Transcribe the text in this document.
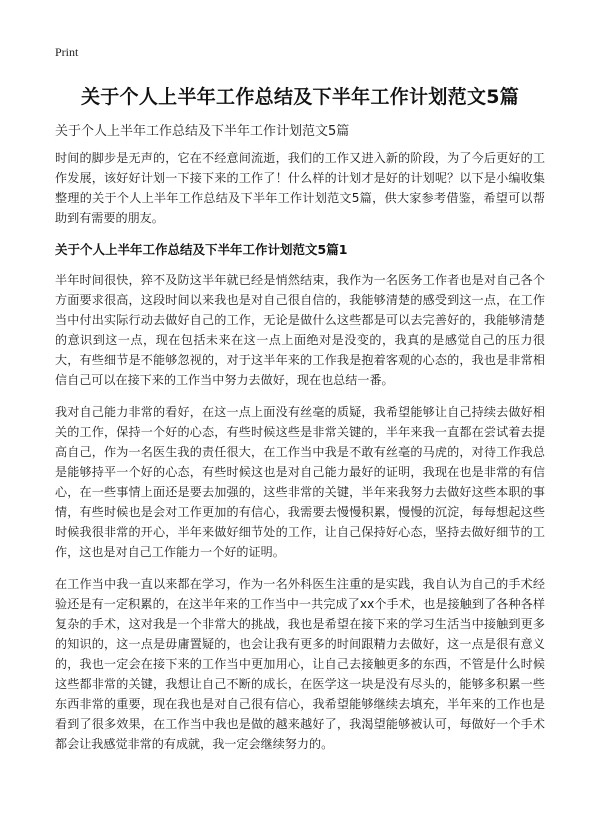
Print
关于个人上半年工作总结及下半年工作计划范文5篇

关于个人上半年工作总结及下半年工作计划范文5篇

时间的脚步是无声的，它在不经意间流逝，我们的工作又进入新的阶段，为了今后更好的工作发展，该好好计划一下接下来的工作了！什么样的计划才是好的计划呢？以下是小编收集整理的关于个人上半年工作总结及下半年工作计划范文5篇，供大家参考借鉴，希望可以帮助到有需要的朋友。

关于个人上半年工作总结及下半年工作计划范文5篇1

半年时间很快，猝不及防这半年就已经是悄然结束，我作为一名医务工作者也是对自己各个方面要求很高，这段时间以来我也是对自己很自信的，我能够清楚的感受到这一点，在工作当中付出实际行动去做好自己的工作，无论是做什么这些都是可以去完善好的，我能够清楚的意识到这一点，现在包括未来在这一点上面绝对是没变的，我真的是感觉自己的压力很大，有些细节是不能够忽视的，对于这半年来的工作我是抱着客观的心态的，我也是非常相信自己可以在接下来的工作当中努力去做好，现在也总结一番。

我对自己能力非常的看好，在这一点上面没有丝毫的质疑，我希望能够让自己持续去做好相关的工作，保持一个好的心态，有些时候这些是非常关键的，半年来我一直都在尝试着去提高自己，作为一名医生我的责任很大，在工作当中我是不敢有丝毫的马虎的，对待工作我总是能够持平一个好的心态，有些时候这也是对自己能力最好的证明，我现在也是非常的有信心，在一些事情上面还是要去加强的，这些非常的关键，半年来我努力去做好这些本职的事情，有些时候也是会对工作更加的有信心，我需要去慢慢积累，慢慢的沉淀，每每想起这些时候我很非常的开心，半年来做好细节处的工作，让自己保持好心态，坚持去做好细节的工作，这也是对自己工作能力一个好的证明。

在工作当中我一直以来都在学习，作为一名外科医生注重的是实践，我自认为自己的手术经验还是有一定积累的，在这半年来的工作当中一共完成了xx个手术，也是接触到了各种各样复杂的手术，这对我是一个非常大的挑战，我也是希望在接下来的学习生活当中接触到更多的知识的，这一点是毋庸置疑的，也会让我有更多的时间跟精力去做好，这一点是很有意义的，我也一定会在接下来的工作当中更加用心，让自己去接触更多的东西，不管是什么时候这些都非常的关键，我想让自己不断的成长，在医学这一块是没有尽头的，能够多积累一些东西非常的重要，现在我也是对自己很有信心，我希望能够继续去填充，半年来的工作也是看到了很多效果，在工作当中我也是做的越来越好了，我渴望能够被认可，每做好一个手术都会让我感觉非常的有成就，我一定会继续努力的。
